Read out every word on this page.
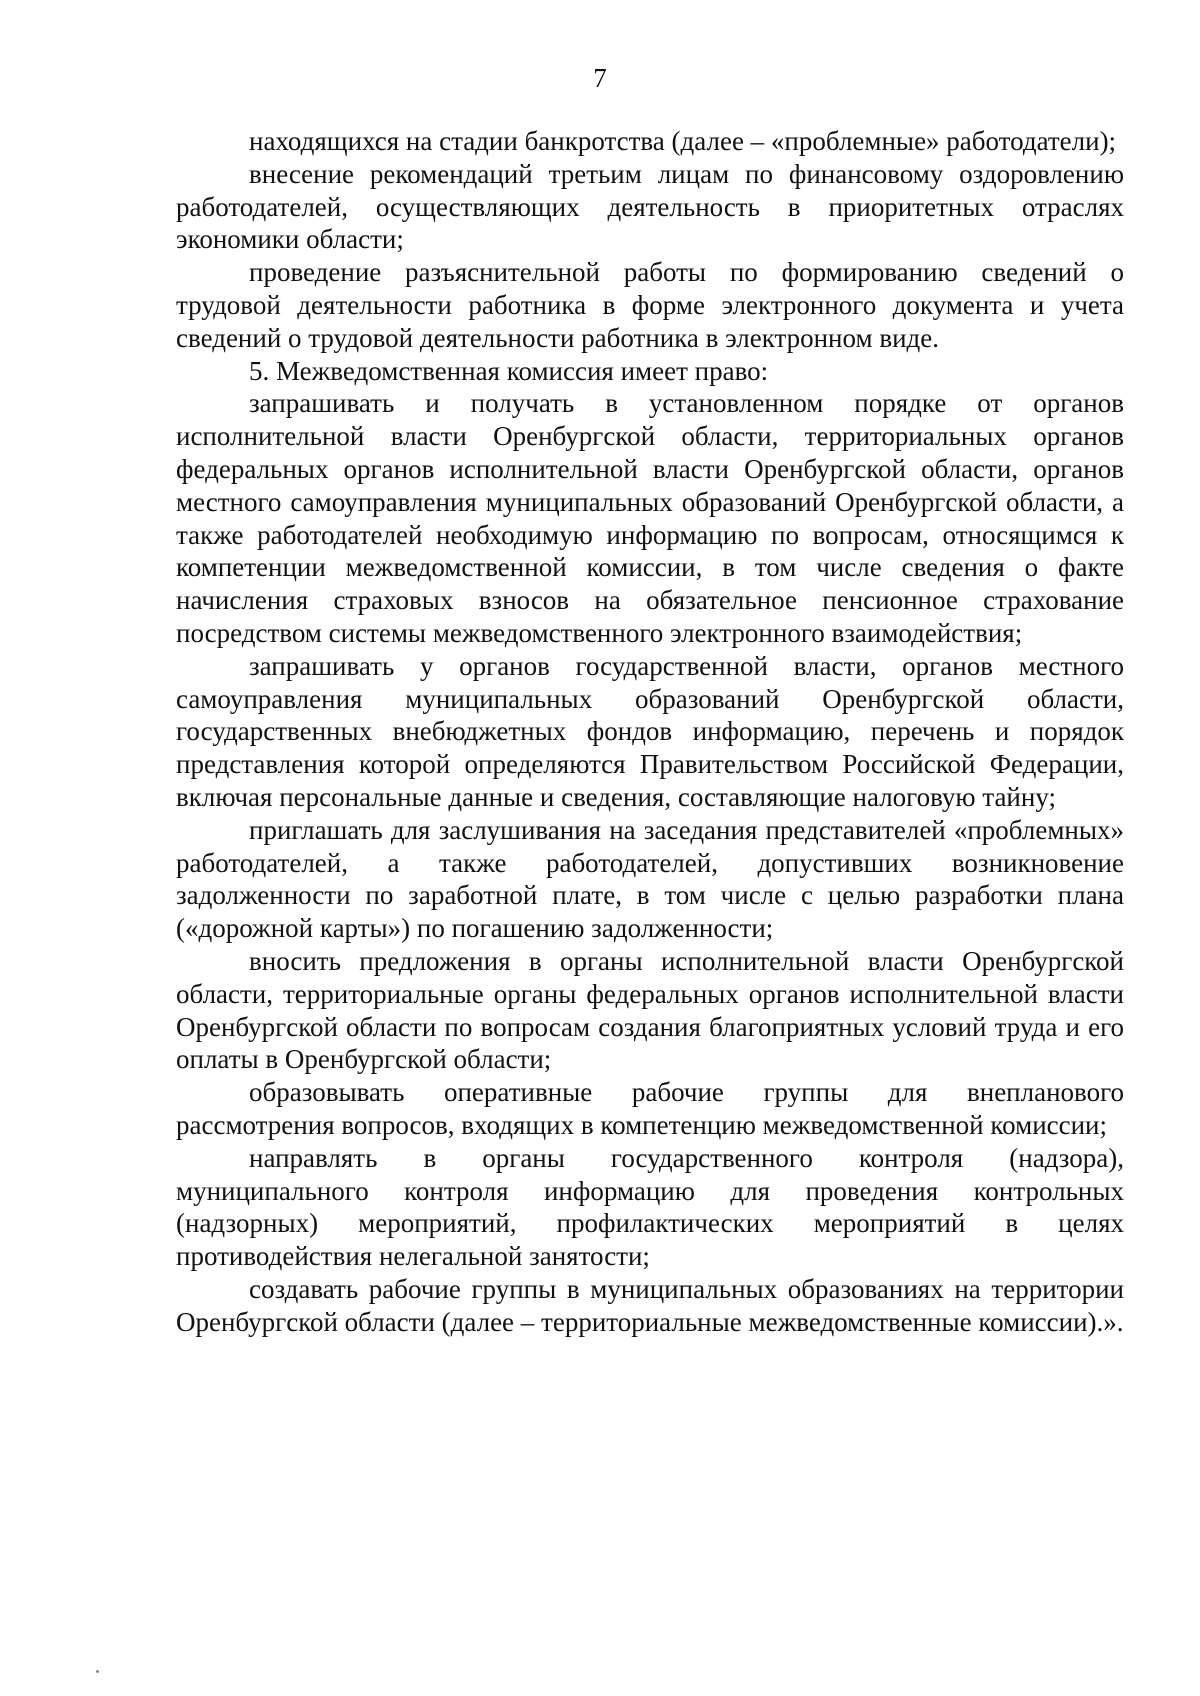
7

находящихся на стадии банкротства (далее – «проблемные» работодатели);

внесение рекомендаций третьим лицам по финансовому оздоровлению работодателей, осуществляющих деятельность в приоритетных отраслях экономики области;

проведение разъяснительной работы по формированию сведений о трудовой деятельности работника в форме электронного документа и учета сведений о трудовой деятельности работника в электронном виде.

5. Межведомственная комиссия имеет право:

запрашивать и получать в установленном порядке от органов исполнительной власти Оренбургской области, территориальных органов федеральных органов исполнительной власти Оренбургской области, органов местного самоуправления муниципальных образований Оренбургской области, а также работодателей необходимую информацию по вопросам, относящимся к компетенции межведомственной комиссии, в том числе сведения о факте начисления страховых взносов на обязательное пенсионное страхование посредством системы межведомственного электронного взаимодействия;

запрашивать у органов государственной власти, органов местного самоуправления муниципальных образований Оренбургской области, государственных внебюджетных фондов информацию, перечень и порядок представления которой определяются Правительством Российской Федерации, включая персональные данные и сведения, составляющие налоговую тайну;

приглашать для заслушивания на заседания представителей «проблемных» работодателей, а также работодателей, допустивших возникновение задолженности по заработной плате, в том числе с целью разработки плана («дорожной карты») по погашению задолженности;

вносить предложения в органы исполнительной власти Оренбургской области, территориальные органы федеральных органов исполнительной власти Оренбургской области по вопросам создания благоприятных условий труда и его оплаты в Оренбургской области;

образовывать оперативные рабочие группы для внепланового рассмотрения вопросов, входящих в компетенцию межведомственной комиссии;

направлять в органы государственного контроля (надзора), муниципального контроля информацию для проведения контрольных (надзорных) мероприятий, профилактических мероприятий в целях противодействия нелегальной занятости;

создавать рабочие группы в муниципальных образованиях на территории Оренбургской области (далее – территориальные межведомственные комиссии).».
